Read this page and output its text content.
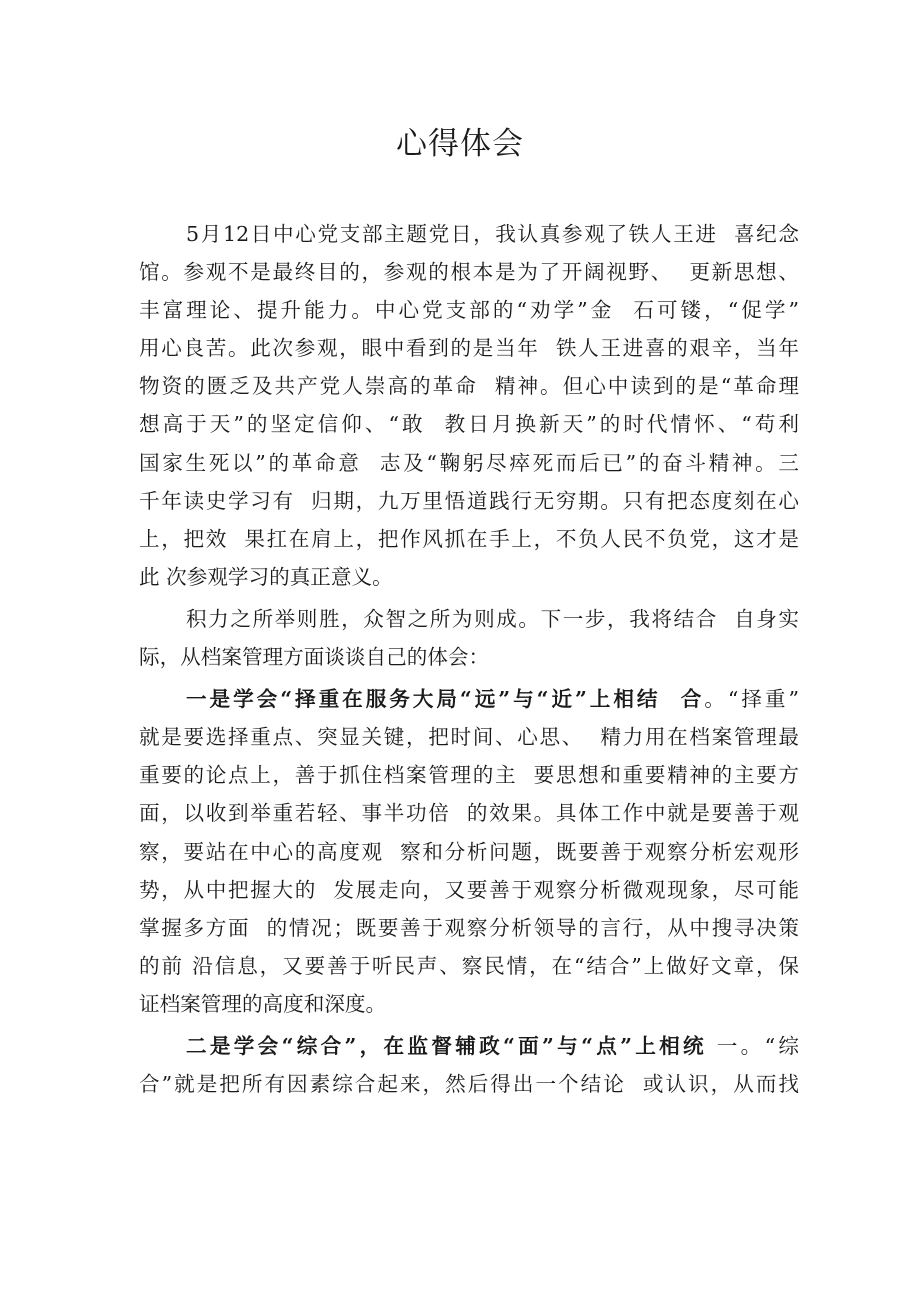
心得体会
5月12日中心党支部主题党日，我认真参观了铁人王进  喜纪念
馆。参观不是最终目的，参观的根本是为了开阔视野、  更新思想、
丰富理论、提升能力。中心党支部的“劝学”金  石可镂，“促学”
用心良苦。此次参观，眼中看到的是当年  铁人王进喜的艰辛，当年
物资的匮乏及共产党人崇高的革命  精神。但心中读到的是“革命理
想高于天”的坚定信仰、“敢  教日月换新天”的时代情怀、“苟利
国家生死以”的革命意  志及“鞠躬尽瘁死而后已”的奋斗精神。三
千年读史学习有  归期，九万里悟道践行无穷期。只有把态度刻在心
上，把效  果扛在肩上，把作风抓在手上，不负人民不负党，这才是
此 次参观学习的真正意义。
积力之所举则胜，众智之所为则成。下一步，我将结合  自身实
际，从档案管理方面谈谈自己的体会：
一是学会“择重在服务大局“远”与“近”上相结  合。“择重”
就是要选择重点、突显关键，把时间、心思、  精力用在档案管理最
重要的论点上，善于抓住档案管理的主  要思想和重要精神的主要方
面，以收到举重若轻、事半功倍  的效果。具体工作中就是要善于观
察，要站在中心的高度观  察和分析问题，既要善于观察分析宏观形
势，从中把握大的  发展走向，又要善于观察分析微观现象，尽可能
掌握多方面  的情况；既要善于观察分析领导的言行，从中搜寻决策
的前 沿信息，又要善于听民声、察民情，在“结合”上做好文章，保
证档案管理的高度和深度。
二是学会“综合”，在监督辅政“面”与“点”上相统 一。“综
合”就是把所有因素综合起来，然后得出一个结论  或认识，从而找
